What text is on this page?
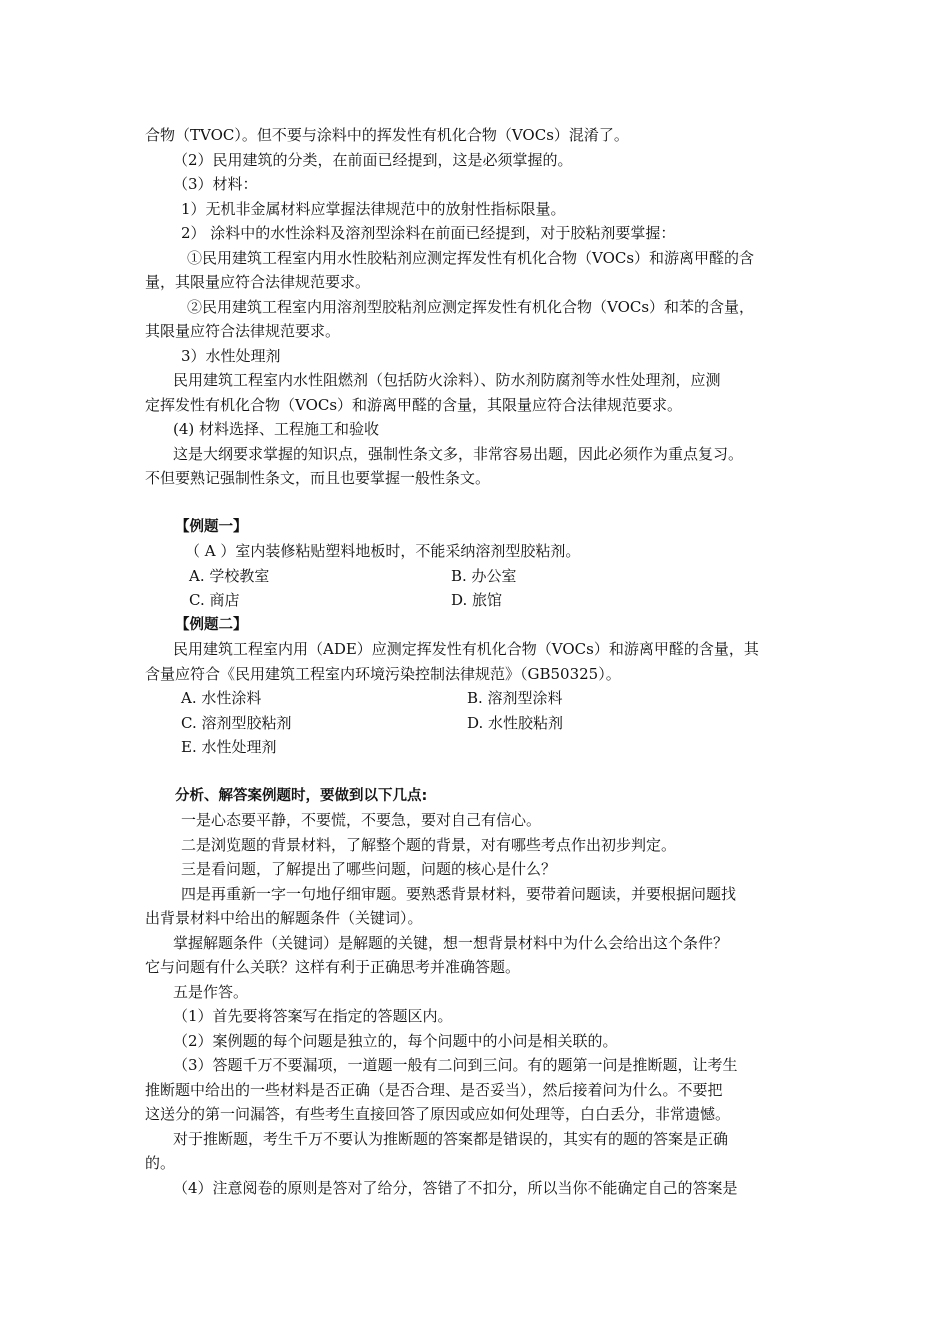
合物（TVOC）。但不要与涂料中的挥发性有机化合物（VOCs）混淆了。

（2）民用建筑的分类，在前面已经提到，这是必须掌握的。

（3）材料：

1）无机非金属材料应掌握法律规范中的放射性指标限量。

2） 涂料中的水性涂料及溶剂型涂料在前面已经提到，对于胶粘剂要掌握：

①民用建筑工程室内用水性胶粘剂应测定挥发性有机化合物（VOCs）和游离甲醛的含

量，其限量应符合法律规范要求。

②民用建筑工程室内用溶剂型胶粘剂应测定挥发性有机化合物（VOCs）和苯的含量，

其限量应符合法律规范要求。

3）水性处理剂

民用建筑工程室内水性阻燃剂（包括防火涂料）、防水剂防腐剂等水性处理剂，应测

定挥发性有机化合物（VOCs）和游离甲醛的含量，其限量应符合法律规范要求。

(4) 材料选择、工程施工和验收

这是大纲要求掌握的知识点，强制性条文多，非常容易出题，因此必须作为重点复习。

不但要熟记强制性条文，而且也要掌握一般性条文。

【例题一】

（ A ）室内装修粘贴塑料地板时，不能采纳溶剂型胶粘剂。

A. 学校教室	B. 办公室
C. 商店	D. 旅馆

【例题二】

民用建筑工程室内用（ADE）应测定挥发性有机化合物（VOCs）和游离甲醛的含量，其

含量应符合《民用建筑工程室内环境污染控制法律规范》（GB50325）。

A. 水性涂料	B. 溶剂型涂料
C. 溶剂型胶粘剂	D. 水性胶粘剂
E. 水性处理剂

分析、解答案例题时，要做到以下几点:

一是心态要平静，不要慌，不要急，要对自己有信心。

二是浏览题的背景材料，了解整个题的背景，对有哪些考点作出初步判定。

三是看问题，了解提出了哪些问题，问题的核心是什么？

四是再重新一字一句地仔细审题。要熟悉背景材料，要带着问题读，并要根据问题找

出背景材料中给出的解题条件（关键词）。

掌握解题条件（关键词）是解题的关键，想一想背景材料中为什么会给出这个条件？

它与问题有什么关联？这样有利于正确思考并准确答题。

五是作答。

（1）首先要将答案写在指定的答题区内。

（2）案例题的每个问题是独立的，每个问题中的小问是相关联的。

（3）答题千万不要漏项，一道题一般有二问到三问。有的题第一问是推断题，让考生

推断题中给出的一些材料是否正确（是否合理、是否妥当），然后接着问为什么。不要把

这送分的第一问漏答，有些考生直接回答了原因或应如何处理等，白白丢分，非常遗憾。

对于推断题，考生千万不要认为推断题的答案都是错误的，其实有的题的答案是正确

的。

（4）注意阅卷的原则是答对了给分，答错了不扣分，所以当你不能确定自己的答案是
